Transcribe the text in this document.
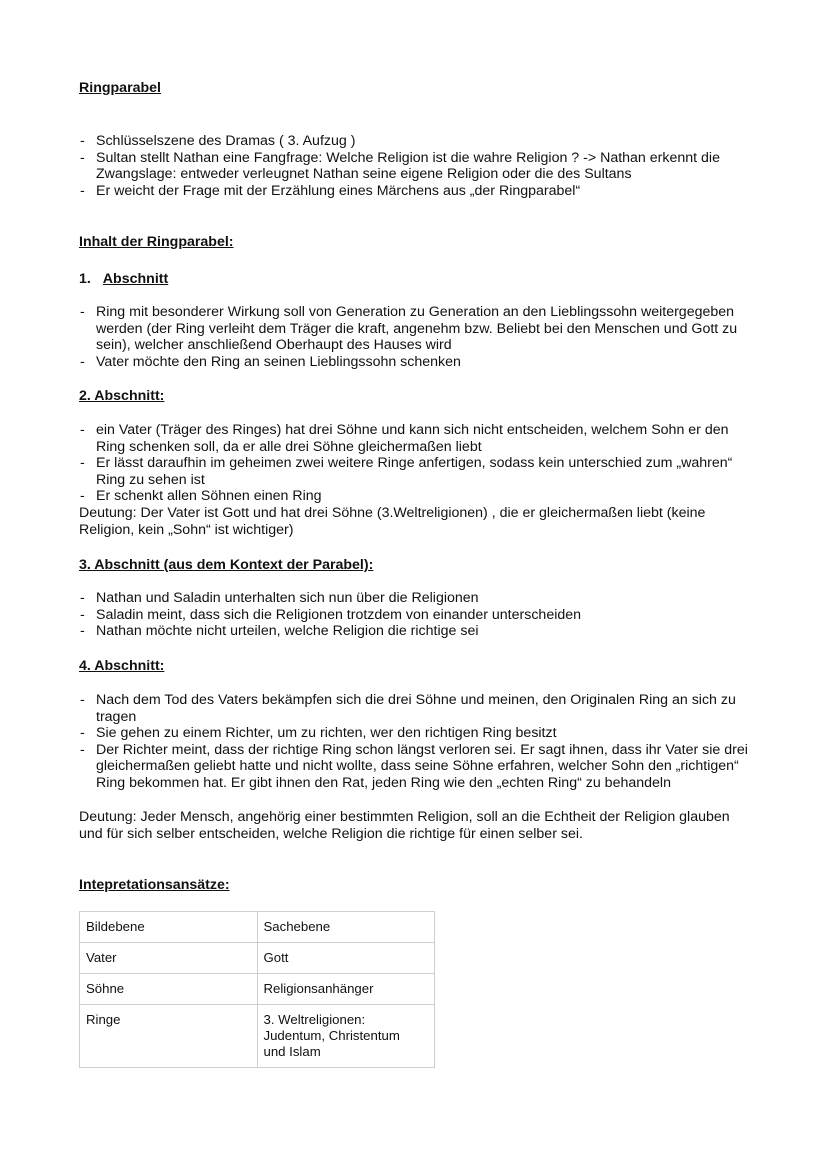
Ringparabel
- Schlüsselszene des Dramas ( 3. Aufzug )
- Sultan stellt Nathan eine Fangfrage: Welche Religion ist die wahre Religion ? -> Nathan erkennt die Zwangslage: entweder verleugnet Nathan seine eigene Religion oder die des Sultans
- Er weicht der Frage mit der Erzählung eines Märchens aus „der Ringparabel“
Inhalt der Ringparabel:
1. Abschnitt
- Ring mit besonderer Wirkung soll von Generation zu Generation an den Lieblingssohn weitergegeben werden (der Ring verleiht dem Träger die kraft, angenehm bzw. Beliebt bei den Menschen und Gott zu sein), welcher anschließend Oberhaupt des Hauses wird
- Vater möchte den Ring an seinen Lieblingssohn schenken
2. Abschnitt:
- ein Vater (Träger des Ringes) hat drei Söhne und kann sich nicht entscheiden, welchem Sohn er den Ring schenken soll, da er alle drei Söhne gleichermaßen liebt
- Er lässt daraufhin im geheimen zwei weitere Ringe anfertigen, sodass kein unterschied zum „wahren“ Ring zu sehen ist
- Er schenkt allen Söhnen einen Ring
Deutung: Der Vater ist Gott und hat drei Söhne (3.Weltreligionen) , die er gleichermaßen liebt (keine Religion, kein „Sohn“ ist wichtiger)
3. Abschnitt (aus dem Kontext der Parabel):
- Nathan und Saladin unterhalten sich nun über die Religionen
- Saladin meint, dass sich die Religionen trotzdem von einander unterscheiden
- Nathan möchte nicht urteilen, welche Religion die richtige sei
4. Abschnitt:
- Nach dem Tod des Vaters bekämpfen sich die drei Söhne und meinen, den Originalen Ring an sich zu tragen
- Sie gehen zu einem Richter, um zu richten, wer den richtigen Ring besitzt
- Der Richter meint, dass der richtige Ring schon längst verloren sei. Er sagt ihnen, dass ihr Vater sie drei gleichermaßen geliebt hatte und nicht wollte, dass seine Söhne erfahren, welcher Sohn den „richtigen“ Ring bekommen hat. Er gibt ihnen den Rat, jeden Ring wie den „echten Ring“ zu behandeln
Deutung: Jeder Mensch, angehörig einer bestimmten Religion, soll an die Echtheit der Religion glauben und für sich selber entscheiden, welche Religion die richtige für einen selber sei.
Intepretationsansätze:
Bildebene	Sachebene
Vater	Gott
Söhne	Religionsanhänger
Ringe	3. Weltreligionen: Judentum, Christentum und Islam
